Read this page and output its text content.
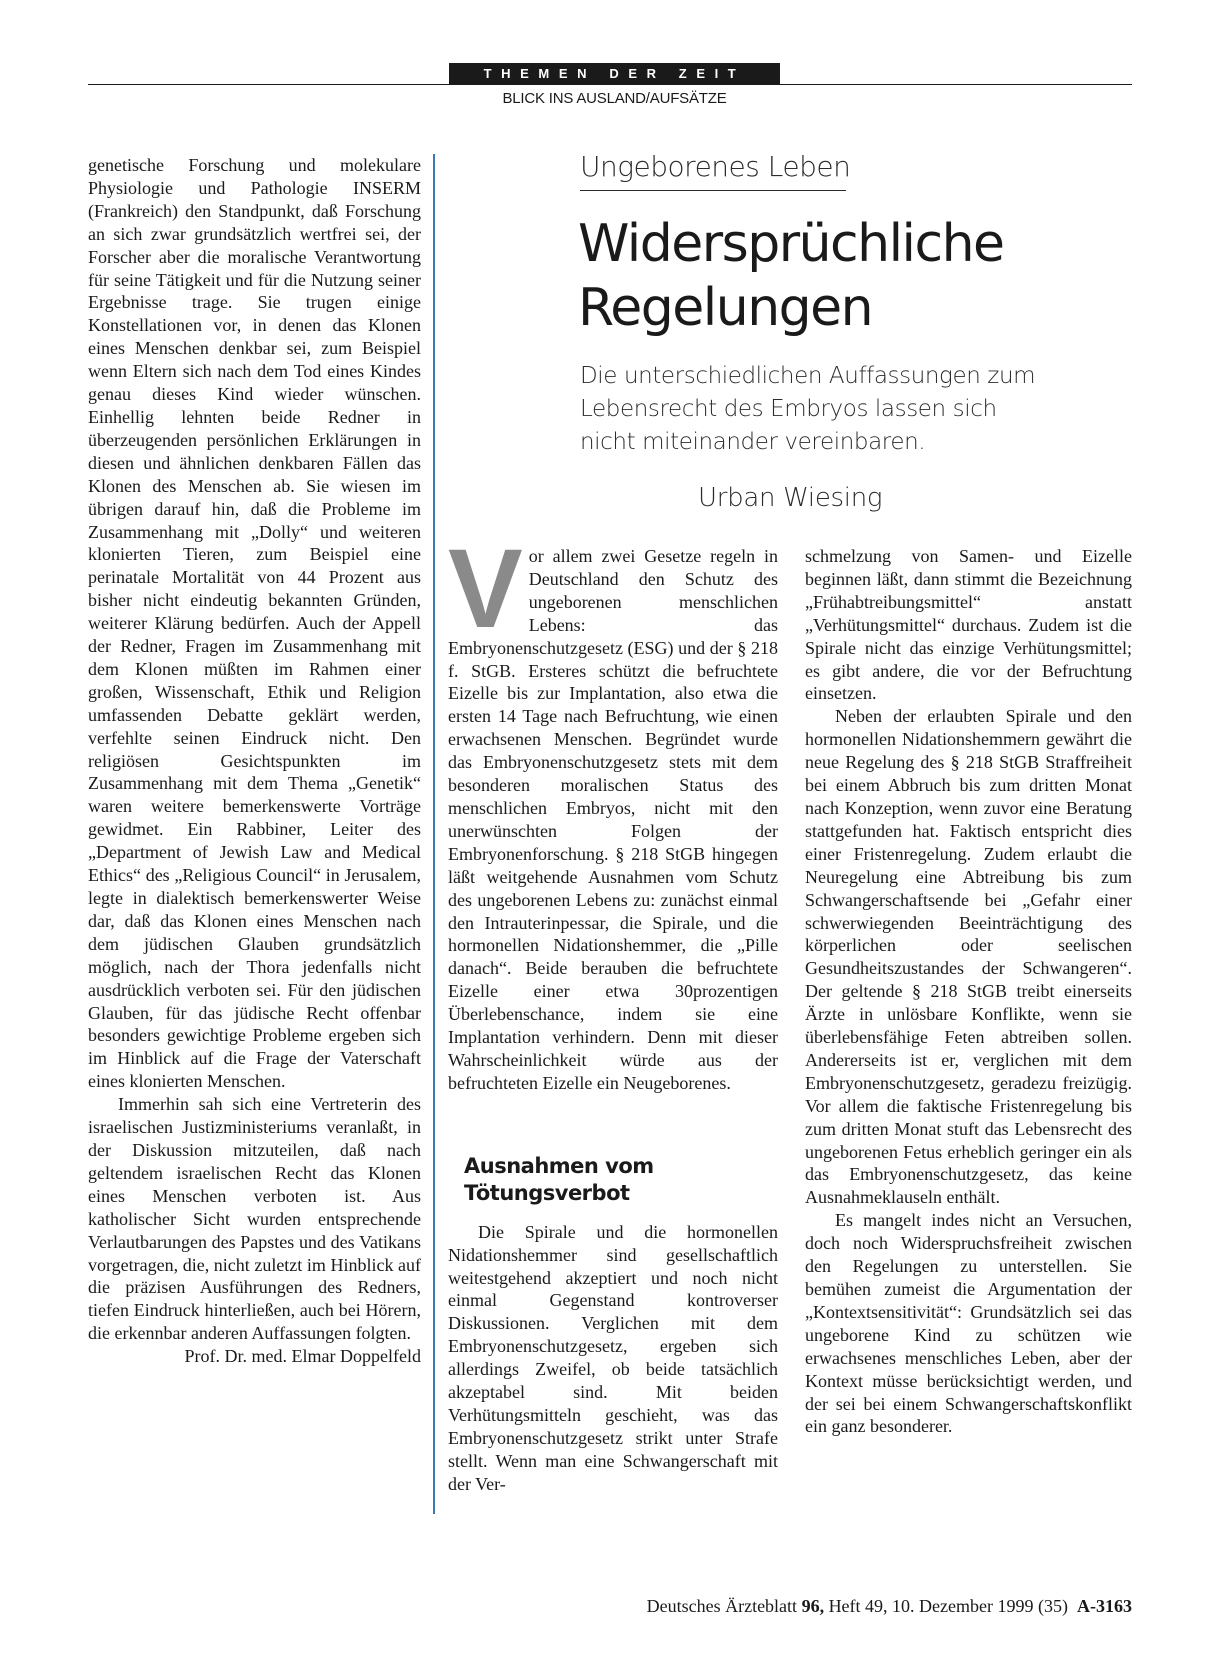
THEMEN DER ZEIT
BLICK INS AUSLAND/AUFSÄTZE

genetische Forschung und molekulare Physiologie und Pathologie INSERM (Frankreich) den Standpunkt, daß Forschung an sich zwar grundsätzlich wertfrei sei, der Forscher aber die moralische Verantwortung für seine Tätigkeit und für die Nutzung seiner Ergebnisse trage. Sie trugen einige Konstellationen vor, in denen das Klonen eines Menschen denkbar sei, zum Beispiel wenn Eltern sich nach dem Tod eines Kindes genau dieses Kind wieder wünschen. Einhellig lehnten beide Redner in überzeugenden persönlichen Erklärungen in diesen und ähnlichen denkbaren Fällen das Klonen des Menschen ab. Sie wiesen im übrigen darauf hin, daß die Probleme im Zusammenhang mit „Dolly“ und weiteren klonierten Tieren, zum Beispiel eine perinatale Mortalität von 44 Prozent aus bisher nicht eindeutig bekannten Gründen, weiterer Klärung bedürfen. Auch der Appell der Redner, Fragen im Zusammenhang mit dem Klonen müßten im Rahmen einer großen, Wissenschaft, Ethik und Religion umfassenden Debatte geklärt werden, verfehlte seinen Eindruck nicht. Den religiösen Gesichtspunkten im Zusammenhang mit dem Thema „Genetik“ waren weitere bemerkenswerte Vorträge gewidmet. Ein Rabbiner, Leiter des „Department of Jewish Law and Medical Ethics“ des „Religious Council“ in Jerusalem, legte in dialektisch bemerkenswerter Weise dar, daß das Klonen eines Menschen nach dem jüdischen Glauben grundsätzlich möglich, nach der Thora jedenfalls nicht ausdrücklich verboten sei. Für den jüdischen Glauben, für das jüdische Recht offenbar besonders gewichtige Probleme ergeben sich im Hinblick auf die Frage der Vaterschaft eines klonierten Menschen.

Immerhin sah sich eine Vertreterin des israelischen Justizministeriums veranlaßt, in der Diskussion mitzuteilen, daß nach geltendem israelischen Recht das Klonen eines Menschen verboten ist. Aus katholischer Sicht wurden entsprechende Verlautbarungen des Papstes und des Vatikans vorgetragen, die, nicht zuletzt im Hinblick auf die präzisen Ausführungen des Redners, tiefen Eindruck hinterließen, auch bei Hörern, die erkennbar anderen Auffassungen folgten.

Prof. Dr. med. Elmar Doppelfeld

Ungeborenes Leben
Widersprüchliche Regelungen
Die unterschiedlichen Auffassungen zum Lebensrecht des Embryos lassen sich nicht miteinander vereinbaren.
Urban Wiesing

Vor allem zwei Gesetze regeln in Deutschland den Schutz des ungeborenen menschlichen Lebens: das Embryonenschutzgesetz (ESG) und der § 218 f. StGB. Ersteres schützt die befruchtete Eizelle bis zur Implantation, also etwa die ersten 14 Tage nach Befruchtung, wie einen erwachsenen Menschen. Begründet wurde das Embryonenschutzgesetz stets mit dem besonderen moralischen Status des menschlichen Embryos, nicht mit den unerwünschten Folgen der Embryonenforschung. § 218 StGB hingegen läßt weitgehende Ausnahmen vom Schutz des ungeborenen Lebens zu: zunächst einmal den Intrauterinpessar, die Spirale, und die hormonellen Nidationshemmer, die „Pille danach“. Beide berauben die befruchtete Eizelle einer etwa 30prozentigen Überlebenschance, indem sie eine Implantation verhindern. Denn mit dieser Wahrscheinlichkeit würde aus der befruchteten Eizelle ein Neugeborenes.

Ausnahmen vom Tötungsverbot

Die Spirale und die hormonellen Nidationshemmer sind gesellschaftlich weitestgehend akzeptiert und noch nicht einmal Gegenstand kontroverser Diskussionen. Verglichen mit dem Embryonenschutzgesetz, ergeben sich allerdings Zweifel, ob beide tatsächlich akzeptabel sind. Mit beiden Verhütungsmitteln geschieht, was das Embryonenschutzgesetz strikt unter Strafe stellt. Wenn man eine Schwangerschaft mit der Ver-

schmelzung von Samen- und Eizelle beginnen läßt, dann stimmt die Bezeichnung „Frühabtreibungsmittel“ anstatt „Verhütungsmittel“ durchaus. Zudem ist die Spirale nicht das einzige Verhütungsmittel; es gibt andere, die vor der Befruchtung einsetzen.

Neben der erlaubten Spirale und den hormonellen Nidationshemmern gewährt die neue Regelung des § 218 StGB Straffreiheit bei einem Abbruch bis zum dritten Monat nach Konzeption, wenn zuvor eine Beratung stattgefunden hat. Faktisch entspricht dies einer Fristenregelung. Zudem erlaubt die Neuregelung eine Abtreibung bis zum Schwangerschaftsende bei „Gefahr einer schwerwiegenden Beeinträchtigung des körperlichen oder seelischen Gesundheitszustandes der Schwangeren“. Der geltende § 218 StGB treibt einerseits Ärzte in unlösbare Konflikte, wenn sie überlebensfähige Feten abtreiben sollen. Andererseits ist er, verglichen mit dem Embryonenschutzgesetz, geradezu freizügig. Vor allem die faktische Fristenregelung bis zum dritten Monat stuft das Lebensrecht des ungeborenen Fetus erheblich geringer ein als das Embryonenschutzgesetz, das keine Ausnahmeklauseln enthält.

Es mangelt indes nicht an Versuchen, doch noch Widerspruchsfreiheit zwischen den Regelungen zu unterstellen. Sie bemühen zumeist die Argumentation der „Kontextsensitivität“: Grundsätzlich sei das ungeborene Kind zu schützen wie erwachsenes menschliches Leben, aber der Kontext müsse berücksichtigt werden, und der sei bei einem Schwangerschaftskonflikt ein ganz besonderer.

Deutsches Ärzteblatt 96, Heft 49, 10. Dezember 1999 (35) A-3163
